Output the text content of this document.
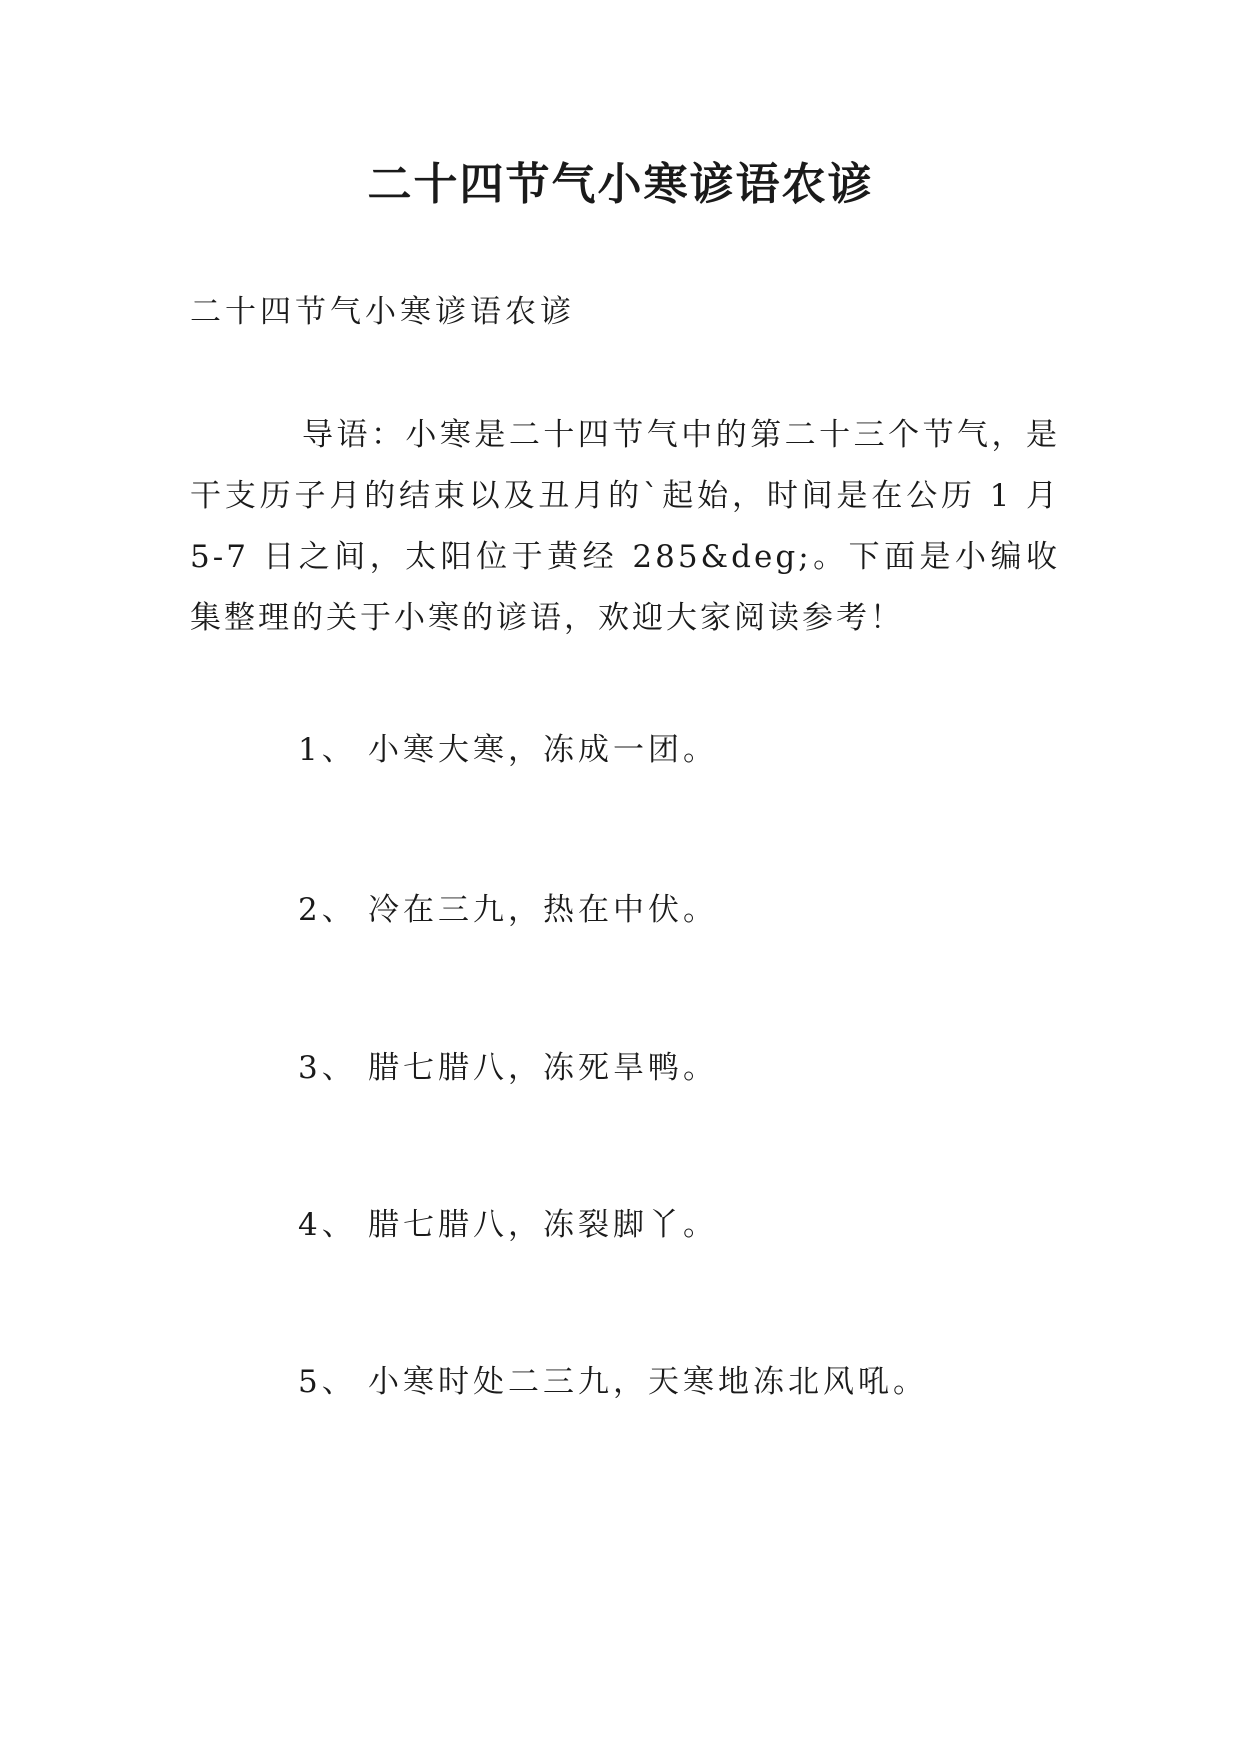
二十四节气小寒谚语农谚

二十四节气小寒谚语农谚

导语：小寒是二十四节气中的第二十三个节气，是干支历子月的结束以及丑月的`起始，时间是在公历 1 月 5-7 日之间，太阳位于黄经 285&deg;。下面是小编收集整理的关于小寒的谚语，欢迎大家阅读参考！

1、 小寒大寒，冻成一团。
2、 冷在三九，热在中伏。
3、 腊七腊八，冻死旱鸭。
4、 腊七腊八，冻裂脚丫。
5、 小寒时处二三九，天寒地冻北风吼。
